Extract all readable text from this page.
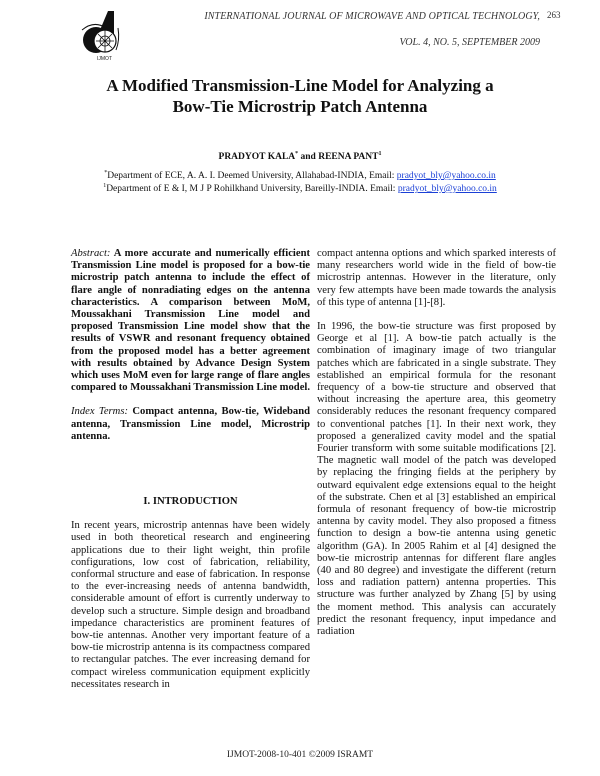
IJMOT
INTERNATIONAL JOURNAL OF MICROWAVE AND OPTICAL TECHNOLOGY, 263
VOL. 4, NO. 5, SEPTEMBER 2009
A Modified Transmission-Line Model for Analyzing a
Bow-Tie Microstrip Patch Antenna
PRADYOT KALA* and REENA PANT$^1$
*Department of ECE, A. A. I. Deemed University, Allahabad-INDIA, Email: pradyot_bly@yahoo.co.in
$^1$Department of E & I, M J P Rohilkhand University, Bareilly-INDIA. Email: pradyot_bly@yahoo.co.in

Abstract: A more accurate and numerically efficient Transmission Line model is proposed for a bow-tie microstrip patch antenna to include the effect of flare angle of nonradiating edges on the antenna characteristics. A comparison between MoM, Moussakhani Transmission Line model and proposed Transmission Line model show that the results of VSWR and resonant frequency obtained from the proposed model has a better agreement with results obtained by Advance Design System which uses MoM even for large range of flare angles compared to Moussakhani Transmission Line model.

Index Terms: Compact antenna, Bow-tie, Wideband antenna, Transmission Line model, Microstrip antenna.

I. INTRODUCTION

In recent years, microstrip antennas have been widely used in both theoretical research and engineering applications due to their light weight, thin profile configurations, low cost of fabrication, reliability, conformal structure and ease of fabrication. In response to the ever-increasing needs of antenna bandwidth, considerable amount of effort is currently underway to develop such a structure. Simple design and broadband impedance characteristics are prominent features of bow-tie antennas. Another very important feature of a bow-tie microstrip antenna is its compactness compared to rectangular patches. The ever increasing demand for compact wireless communication equipment explicitly necessitates research in

compact antenna options and which sparked interests of many researchers world wide in the field of bow-tie microstrip antennas. However in the literature, only very few attempts have been made towards the analysis of this type of antenna [1]-[8].

In 1996, the bow-tie structure was first proposed by George et al [1]. A bow-tie patch actually is the combination of imaginary image of two triangular patches which are fabricated in a single substrate. They established an empirical formula for the resonant frequency of a bow-tie structure and observed that without increasing the aperture area, this geometry considerably reduces the resonant frequency compared to conventional patches [1]. In their next work, they proposed a generalized cavity model and the spatial Fourier transform with some suitable modifications [2]. The magnetic wall model of the patch was developed by replacing the fringing fields at the periphery by outward equivalent edge extensions equal to the height of the substrate. Chen et al [3] established an empirical formula of resonant frequency of bow-tie microstrip antenna by cavity model. They also proposed a fitness function to design a bow-tie antenna using genetic algorithm (GA). In 2005 Rahim et al [4] designed the bow-tie microstrip antennas for different flare angles (40 and 80 degree) and investigate the different (return loss and radiation pattern) antenna properties. This structure was further analyzed by Zhang [5] by using the moment method. This analysis can accurately predict the resonant frequency, input impedance and radiation

IJMOT-2008-10-401 ©2009 ISRAMT
